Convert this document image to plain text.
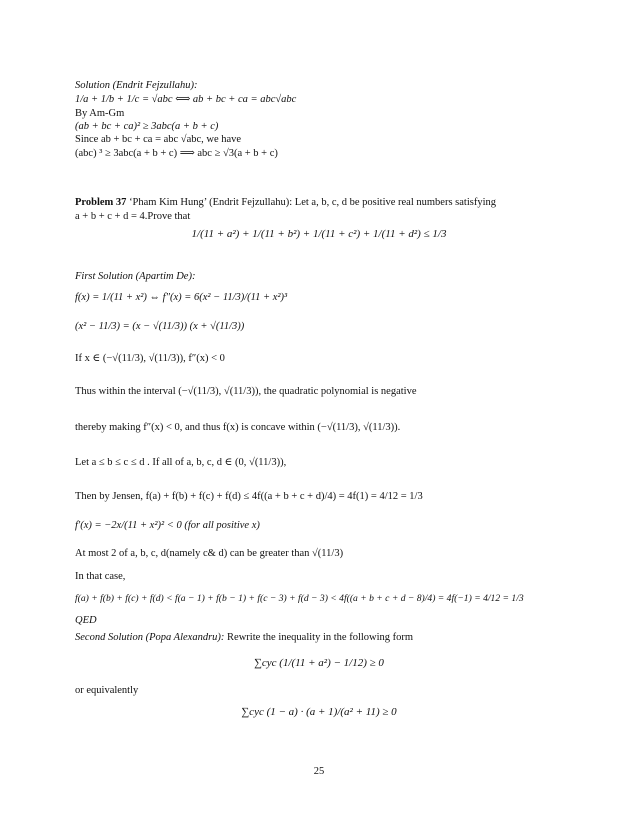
Solution (Endrit Fejzullahu):
1/a + 1/b + 1/c = √abc ⟺ ab + bc + ca = abc√abc
By Am-Gm
(ab + bc + ca)² ≥ 3abc(a + b + c)
Since ab + bc + ca = abc √abc, we have
(abc) ³ ≥ 3abc(a + b + c) ⟹ abc ≥ √3(a + b + c)
Problem 37 ‘Pham Kim Hung’ (Endrit Fejzullahu): Let a, b, c, d be positive real numbers satisfying
a + b + c + d = 4.Prove that
1/(11 + a²) + 1/(11 + b²) + 1/(11 + c²) + 1/(11 + d²) ≤ 1/3
First Solution (Apartim De):
f(x) = 1/(11 + x²) ⇔ f″(x) = 6(x² − 11/3)/(11 + x²)³
(x² − 11/3) = (x − √(11/3)) (x + √(11/3))
If x ∈ (−√(11/3), √(11/3)), f″(x) < 0
Thus within the interval (−√(11/3), √(11/3)), the quadratic polynomial is negative
thereby making f″(x) < 0, and thus f(x) is concave within (−√(11/3), √(11/3)).
Let a ≤ b ≤ c ≤ d . If all of a, b, c, d ∈ (0, √(11/3)),
Then by Jensen, f(a) + f(b) + f(c) + f(d) ≤ 4f((a + b + c + d)/4) = 4f(1) = 4/12 = 1/3
f′(x) = −2x/(11 + x²)² < 0 (for all positive x)
At most 2 of a, b, c, d(namely c& d) can be greater than √(11/3)
In that case,
f(a) + f(b) + f(c) + f(d) < f(a − 1) + f(b − 1) + f(c − 3) + f(d − 3) < 4f((a + b + c + d − 8)/4) = 4f(−1) = 4/12 = 1/3
QED
Second Solution (Popa Alexandru): Rewrite the inequality in the following form
∑cyc (1/(11 + a²) − 1/12) ≥ 0
or equivalently
∑cyc (1 − a) · (a + 1)/(a² + 11) ≥ 0
25
